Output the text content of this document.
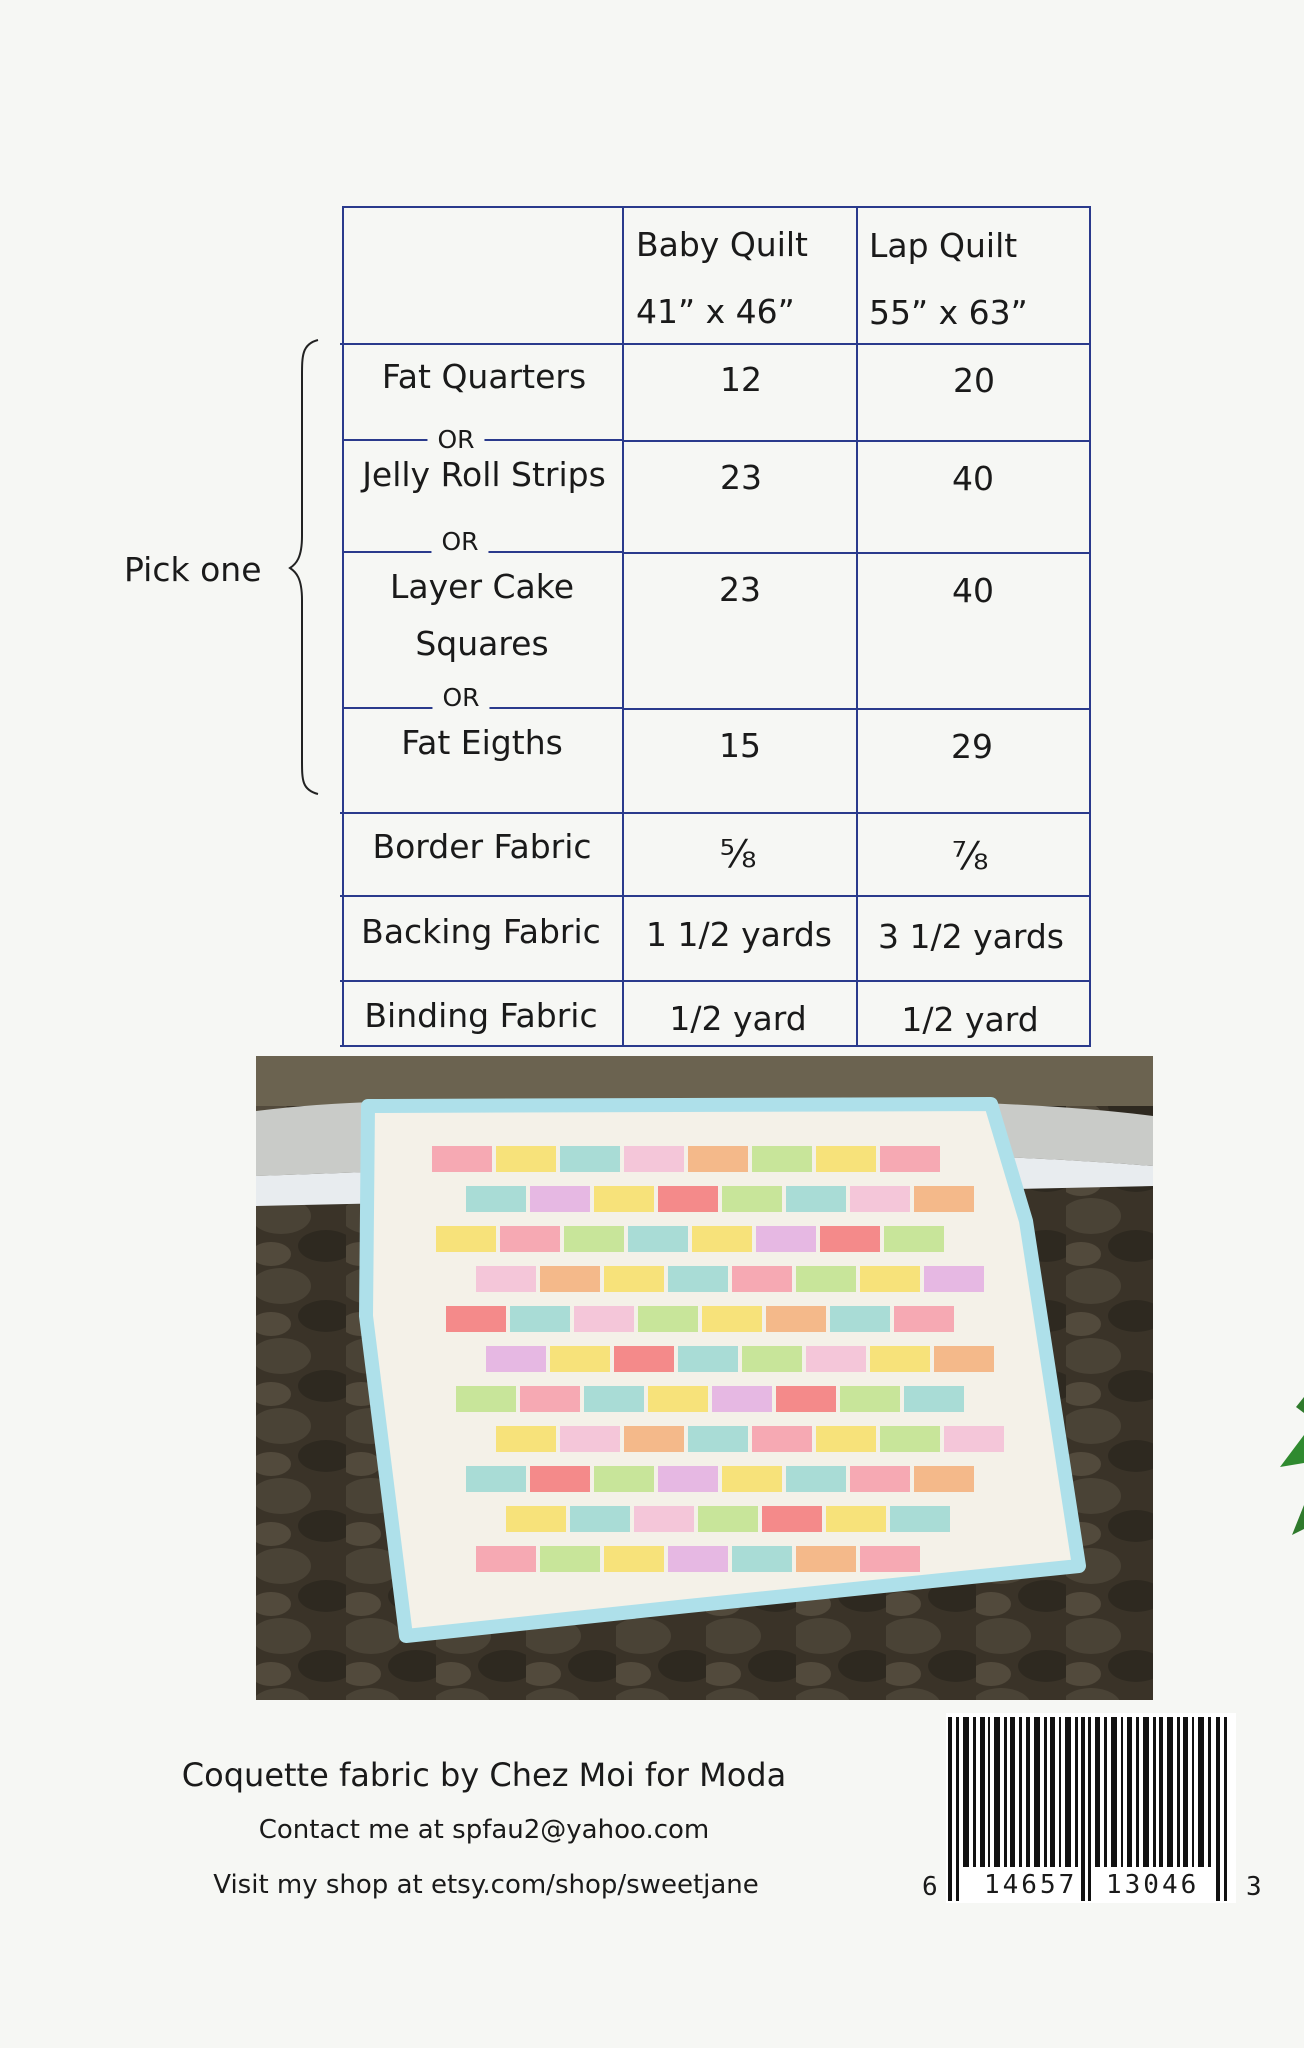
OR
OR
OR
Baby Quilt
41” x 46”
Lap Quilt
55” x 63”
Fat Quarters
Jelly Roll Strips
Layer Cake
Squares
Fat Eigths
Border Fabric
Backing Fabric
Binding Fabric
12
23
23
15
⅝
1 1/2 yards
1/2 yard
20
40
40
29
⅞
3 1/2 yards
1/2 yard
Pick one
Coquette fabric by Chez Moi for Moda
Contact me at spfau2@yahoo.com
Visit my shop at etsy.com/shop/sweetjane	6 14657 13046 3
